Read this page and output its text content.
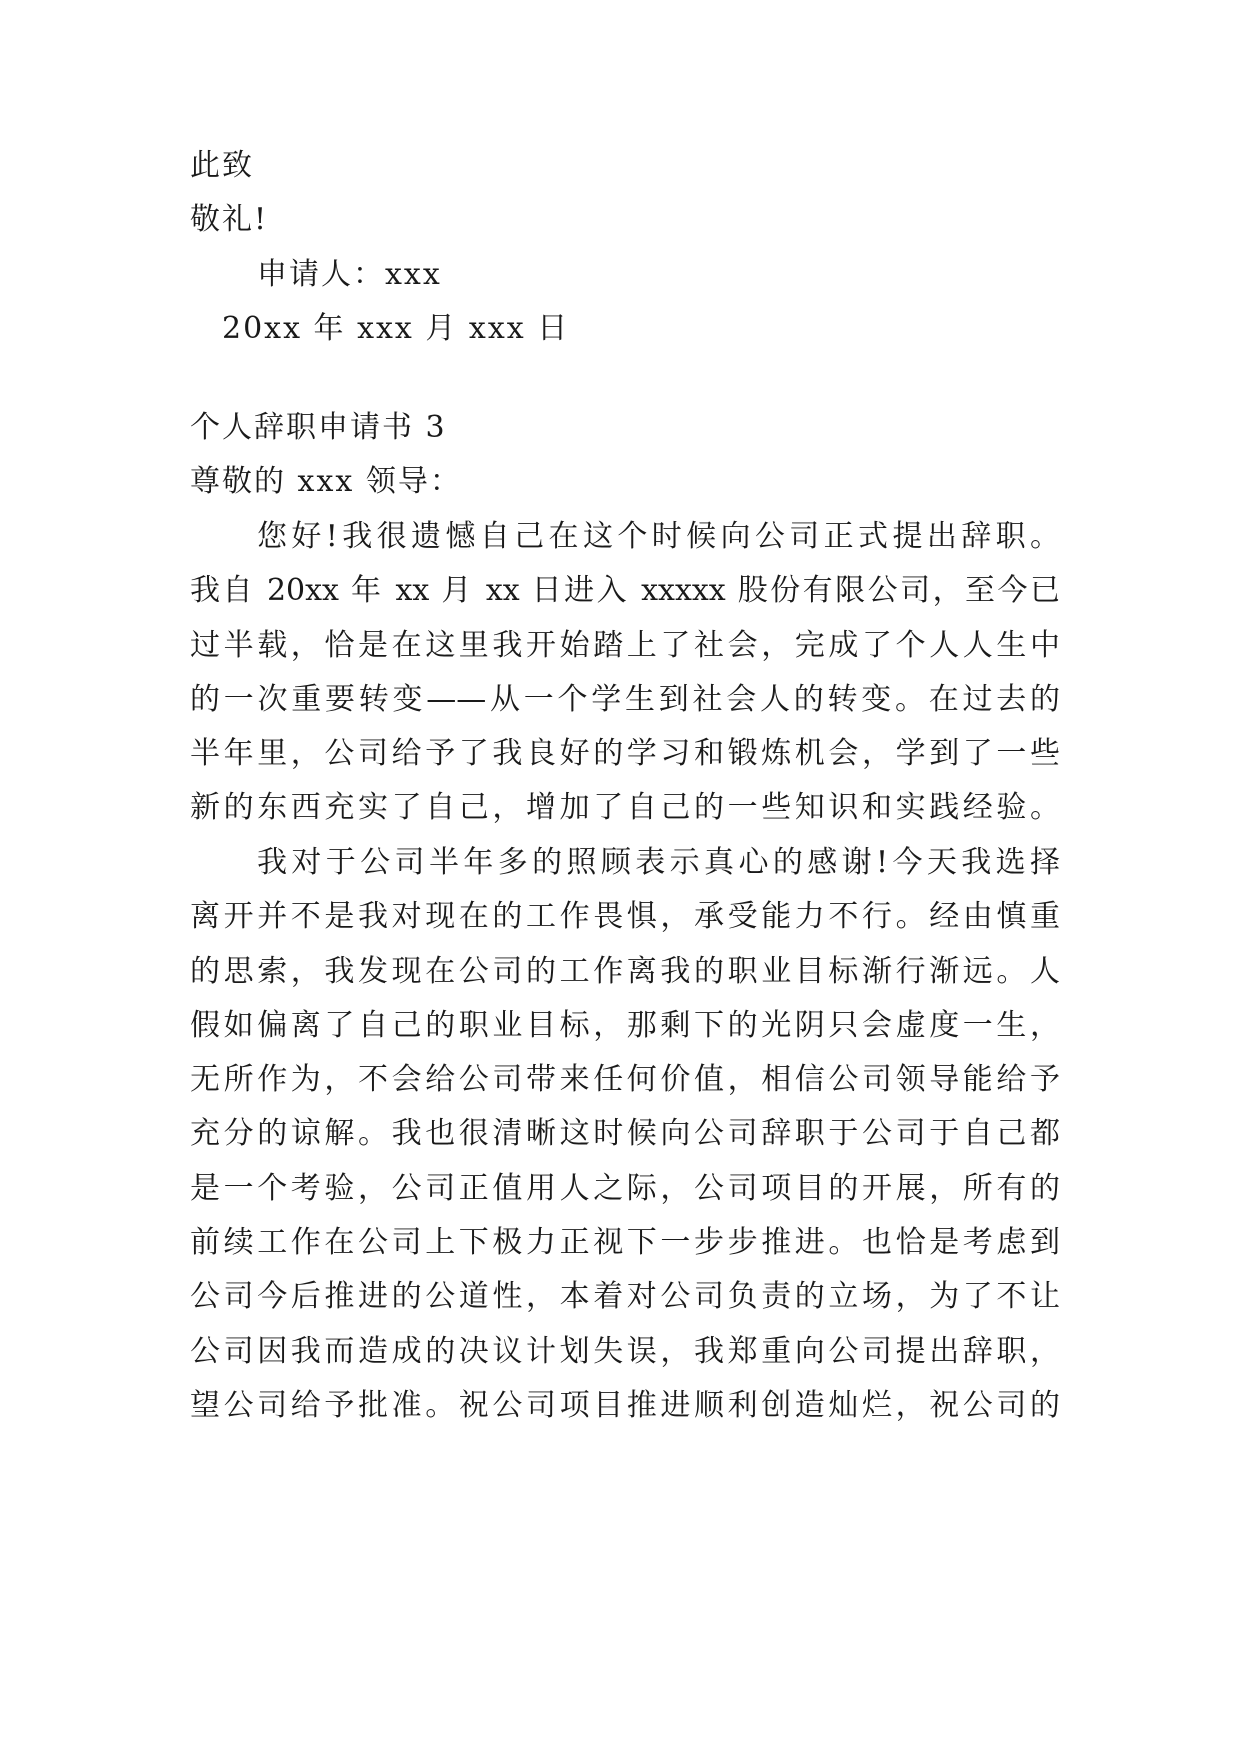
此致
敬礼!
申请人：xxx
20xx 年 xxx 月 xxx 日
个人辞职申请书 3
尊敬的 xxx 领导：
您好!我很遗憾自己在这个时候向公司正式提出辞职。
我自 20xx 年 xx 月 xx 日进入 xxxxx 股份有限公司，至今已
过半载，恰是在这里我开始踏上了社会，完成了个人人生中
的一次重要转变——从一个学生到社会人的转变。在过去的
半年里，公司给予了我良好的学习和锻炼机会，学到了一些
新的东西充实了自己，增加了自己的一些知识和实践经验。
我对于公司半年多的照顾表示真心的感谢!今天我选择
离开并不是我对现在的工作畏惧，承受能力不行。经由慎重
的思索，我发现在公司的工作离我的职业目标渐行渐远。人
假如偏离了自己的职业目标，那剩下的光阴只会虚度一生，
无所作为，不会给公司带来任何价值，相信公司领导能给予
充分的谅解。我也很清晰这时候向公司辞职于公司于自己都
是一个考验，公司正值用人之际，公司项目的开展，所有的
前续工作在公司上下极力正视下一步步推进。也恰是考虑到
公司今后推进的公道性，本着对公司负责的立场，为了不让
公司因我而造成的决议计划失误，我郑重向公司提出辞职，
望公司给予批准。祝公司项目推进顺利创造灿烂，祝公司的
